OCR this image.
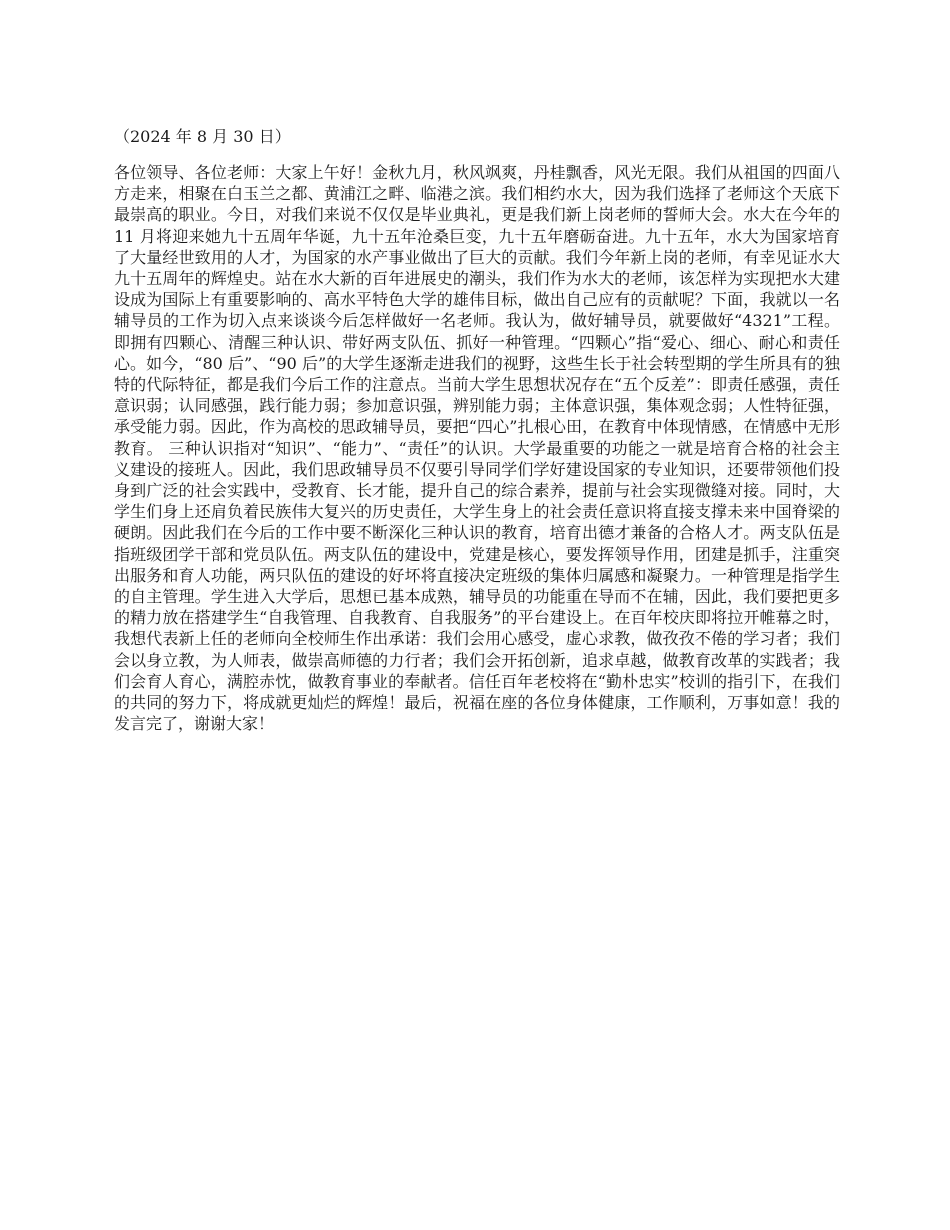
（2024 年 8 月 30 日）

各位领导、各位老师：大家上午好！金秋九月，秋风飒爽，丹桂飘香，风光无限。我们从祖国的四面八方走来，相聚在白玉兰之都、黄浦江之畔、临港之滨。我们相约水大，因为我们选择了老师这个天底下最崇高的职业。今日，对我们来说不仅仅是毕业典礼，更是我们新上岗老师的誓师大会。水大在今年的 11 月将迎来她九十五周年华诞，九十五年沧桑巨变，九十五年磨砺奋进。九十五年，水大为国家培育了大量经世致用的人才，为国家的水产事业做出了巨大的贡献。我们今年新上岗的老师，有幸见证水大九十五周年的辉煌史。站在水大新的百年进展史的潮头，我们作为水大的老师，该怎样为实现把水大建设成为国际上有重要影响的、高水平特色大学的雄伟目标，做出自己应有的贡献呢？下面，我就以一名辅导员的工作为切入点来谈谈今后怎样做好一名老师。我认为，做好辅导员，就要做好“4321”工程。即拥有四颗心、清醒三种认识、带好两支队伍、抓好一种管理。“四颗心”指“爱心、细心、耐心和责任心。如今，“80 后”、“90 后”的大学生逐渐走进我们的视野，这些生长于社会转型期的学生所具有的独特的代际特征，都是我们今后工作的注意点。当前大学生思想状况存在“五个反差”：即责任感强，责任意识弱；认同感强，践行能力弱；参加意识强，辨别能力弱；主体意识强，集体观念弱；人性特征强，承受能力弱。因此，作为高校的思政辅导员，要把“四心”扎根心田，在教育中体现情感，在情感中无形教育。 三种认识指对“知识”、“能力”、“责任”的认识。大学最重要的功能之一就是培育合格的社会主义建设的接班人。因此，我们思政辅导员不仅要引导同学们学好建设国家的专业知识，还要带领他们投身到广泛的社会实践中，受教育、长才能，提升自己的综合素养，提前与社会实现微缝对接。同时，大学生们身上还肩负着民族伟大复兴的历史责任，大学生身上的社会责任意识将直接支撑未来中国脊梁的硬朗。因此我们在今后的工作中要不断深化三种认识的教育，培育出德才兼备的合格人才。两支队伍是指班级团学干部和党员队伍。两支队伍的建设中，党建是核心，要发挥领导作用，团建是抓手，注重突出服务和育人功能，两只队伍的建设的好坏将直接决定班级的集体归属感和凝聚力。一种管理是指学生的自主管理。学生进入大学后，思想已基本成熟，辅导员的功能重在导而不在辅，因此，我们要把更多的精力放在搭建学生“自我管理、自我教育、自我服务”的平台建设上。在百年校庆即将拉开帷幕之时，我想代表新上任的老师向全校师生作出承诺：我们会用心感受，虚心求教，做孜孜不倦的学习者；我们会以身立教，为人师表，做崇高师德的力行者；我们会开拓创新，追求卓越，做教育改革的实践者；我们会育人育心，满腔赤忱，做教育事业的奉献者。信任百年老校将在“勤朴忠实”校训的指引下，在我们的共同的努力下，将成就更灿烂的辉煌！最后，祝福在座的各位身体健康，工作顺利，万事如意！我的发言完了，谢谢大家！
